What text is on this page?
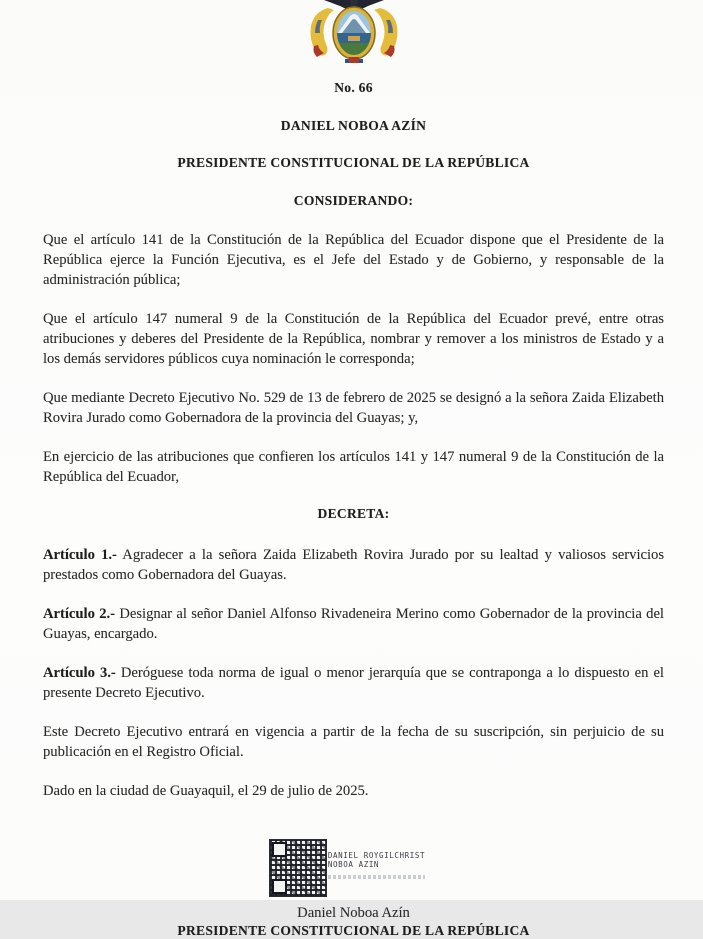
No. 66
DANIEL NOBOA AZÍN
PRESIDENTE CONSTITUCIONAL DE LA REPÚBLICA
CONSIDERANDO:

Que el artículo 141 de la Constitución de la República del Ecuador dispone que el Presidente de la República ejerce la Función Ejecutiva, es el Jefe del Estado y de Gobierno, y responsable de la administración pública;

Que el artículo 147 numeral 9 de la Constitución de la República del Ecuador prevé, entre otras atribuciones y deberes del Presidente de la República, nombrar y remover a los ministros de Estado y a los demás servidores públicos cuya nominación le corresponda;

Que mediante Decreto Ejecutivo No. 529 de 13 de febrero de 2025 se designó a la señora Zaida Elizabeth Rovira Jurado como Gobernadora de la provincia del Guayas; y,

En ejercicio de las atribuciones que confieren los artículos 141 y 147 numeral 9 de la Constitución de la República del Ecuador,

DECRETA:

Artículo 1.- Agradecer a la señora Zaida Elizabeth Rovira Jurado por su lealtad y valiosos servicios prestados como Gobernadora del Guayas.

Artículo 2.- Designar al señor Daniel Alfonso Rivadeneira Merino como Gobernador de la provincia del Guayas, encargado.

Artículo 3.- Deróguese toda norma de igual o menor jerarquía que se contraponga a lo dispuesto en el presente Decreto Ejecutivo.

Este Decreto Ejecutivo entrará en vigencia a partir de la fecha de su suscripción, sin perjuicio de su publicación en el Registro Oficial.

Dado en la ciudad de Guayaquil, el 29 de julio de 2025.

DANIEL ROYGILCHRIST
NOBOA AZIN
Daniel Noboa Azín
PRESIDENTE CONSTITUCIONAL DE LA REPÚBLICA
